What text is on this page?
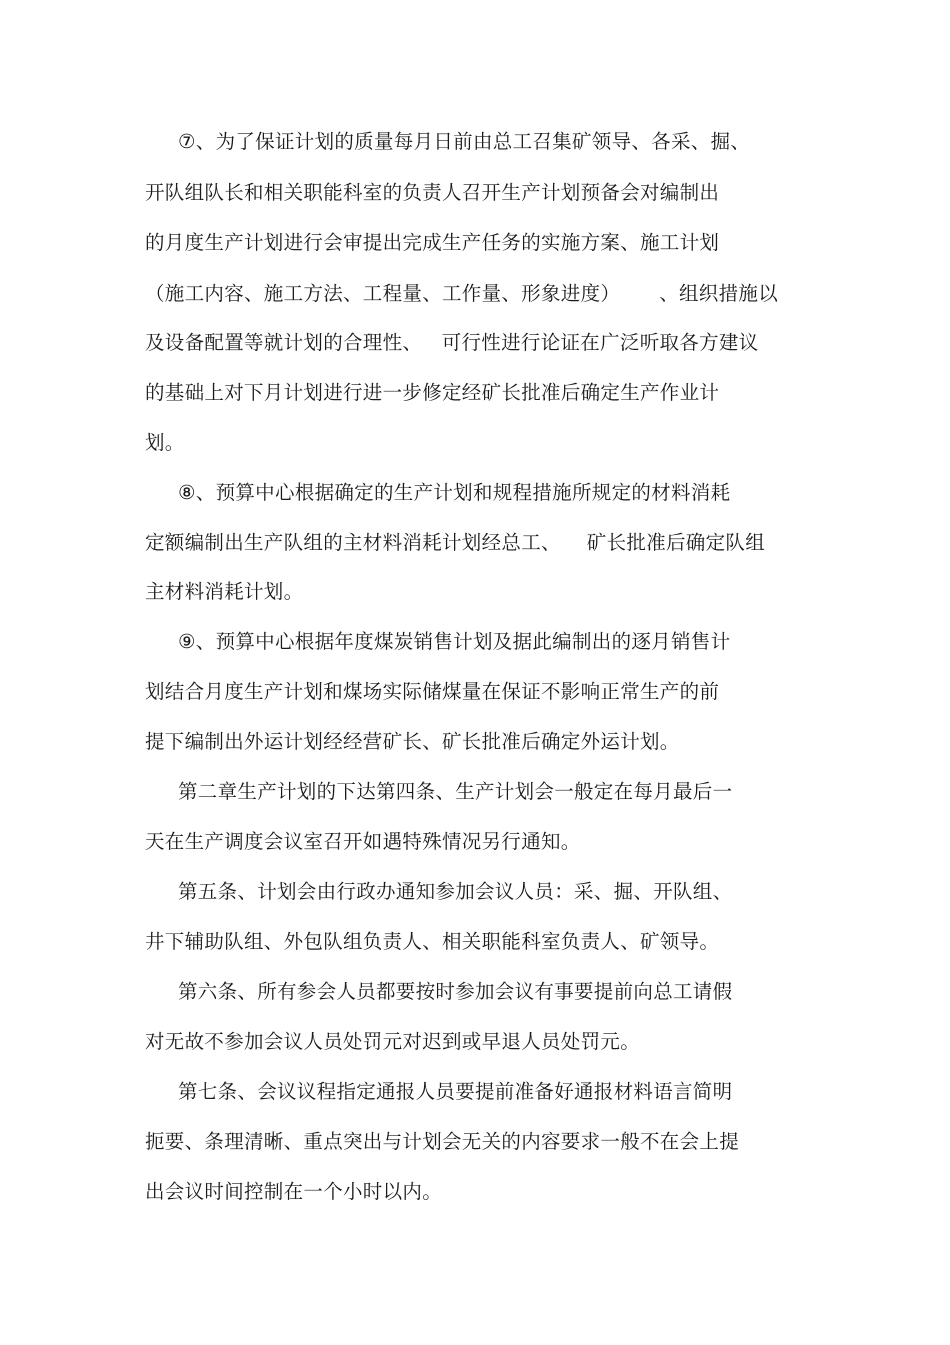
⑦、为了保证计划的质量每月日前由总工召集矿领导、各采、掘、
开队组队长和相关职能科室的负责人召开生产计划预备会对编制出
的月度生产计划进行会审提出完成生产任务的实施方案、施工计划
（施工内容、施工方法、工程量、工作量、形象进度）      、组织措施以
及设备配置等就计划的合理性、   可行性进行论证在广泛听取各方建议
的基础上对下月计划进行进一步修定经矿长批准后确定生产作业计
划。
⑧、预算中心根据确定的生产计划和规程措施所规定的材料消耗
定额编制出生产队组的主材料消耗计划经总工、    矿长批准后确定队组
主材料消耗计划。
⑨、预算中心根据年度煤炭销售计划及据此编制出的逐月销售计
划结合月度生产计划和煤场实际储煤量在保证不影响正常生产的前
提下编制出外运计划经经营矿长、矿长批准后确定外运计划。
第二章生产计划的下达第四条、生产计划会一般定在每月最后一
天在生产调度会议室召开如遇特殊情况另行通知。
第五条、计划会由行政办通知参加会议人员：采、掘、开队组、
井下辅助队组、外包队组负责人、相关职能科室负责人、矿领导。
第六条、所有参会人员都要按时参加会议有事要提前向总工请假
对无故不参加会议人员处罚元对迟到或早退人员处罚元。
第七条、会议议程指定通报人员要提前准备好通报材料语言简明
扼要、条理清晰、重点突出与计划会无关的内容要求一般不在会上提
出会议时间控制在一个小时以内。
